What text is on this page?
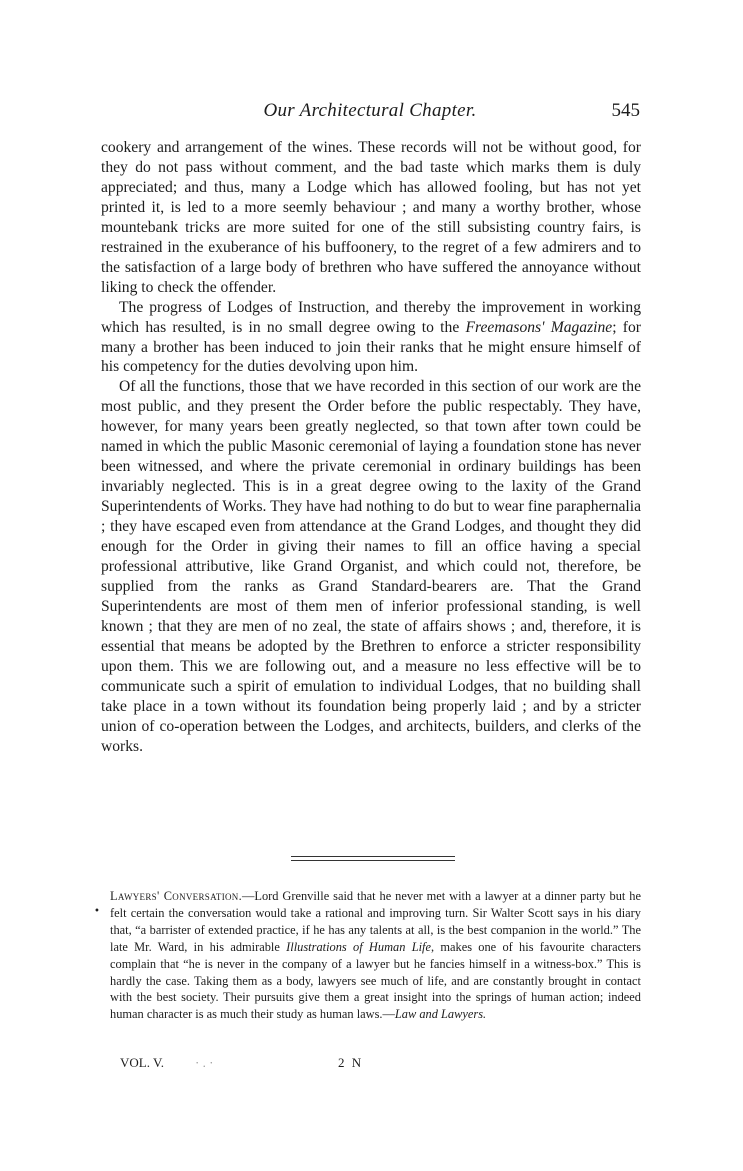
Our Architectural Chapter.	545

cookery and arrangement of the wines. These records will not be without good, for they do not pass without comment, and the bad taste which marks them is duly appreciated; and thus, many a Lodge which has allowed fooling, but has not yet printed it, is led to a more seemly behaviour ; and many a worthy brother, whose mountebank tricks are more suited for one of the still subsisting country fairs, is restrained in the exuberance of his buffoonery, to the regret of a few admirers and to the satisfaction of a large body of brethren who have suffered the annoyance without liking to check the offender.

The progress of Lodges of Instruction, and thereby the improvement in working which has resulted, is in no small degree owing to the Freemasons' Magazine; for many a brother has been induced to join their ranks that he might ensure himself of his competency for the duties devolving upon him.

Of all the functions, those that we have recorded in this section of our work are the most public, and they present the Order before the public respectably. They have, however, for many years been greatly neglected, so that town after town could be named in which the public Masonic ceremonial of laying a foundation stone has never been witnessed, and where the private ceremonial in ordinary buildings has been invariably neglected. This is in a great degree owing to the laxity of the Grand Superintendents of Works. They have had nothing to do but to wear fine paraphernalia ; they have escaped even from attendance at the Grand Lodges, and thought they did enough for the Order in giving their names to fill an office having a special professional attributive, like Grand Organist, and which could not, therefore, be supplied from the ranks as Grand Standard-bearers are. That the Grand Superintendents are most of them men of inferior professional standing, is well known ; that they are men of no zeal, the state of affairs shows ; and, therefore, it is essential that means be adopted by the Brethren to enforce a stricter responsibility upon them. This we are following out, and a measure no less effective will be to communicate such a spirit of emulation to individual Lodges, that no building shall take place in a town without its foundation being properly laid ; and by a stricter union of co-operation between the Lodges, and architects, builders, and clerks of the works.

•
Lawyers' Conversation.—Lord Grenville said that he never met with a lawyer at a dinner party but he felt certain the conversation would take a rational and improving turn. Sir Walter Scott says in his diary that, “a barrister of extended practice, if he has any talents at all, is the best companion in the world.” The late Mr. Ward, in his admirable Illustrations of Human Life, makes one of his favourite characters complain that “he is never in the company of a lawyer but he fancies himself in a witness-box.” This is hardly the case. Taking them as a body, lawyers see much of life, and are constantly brought in contact with the best society. Their pursuits give them a great insight into the springs of human action; indeed human character is as much their study as human laws.—Law and Lawyers.
VOL. V. · . ·	2 N
